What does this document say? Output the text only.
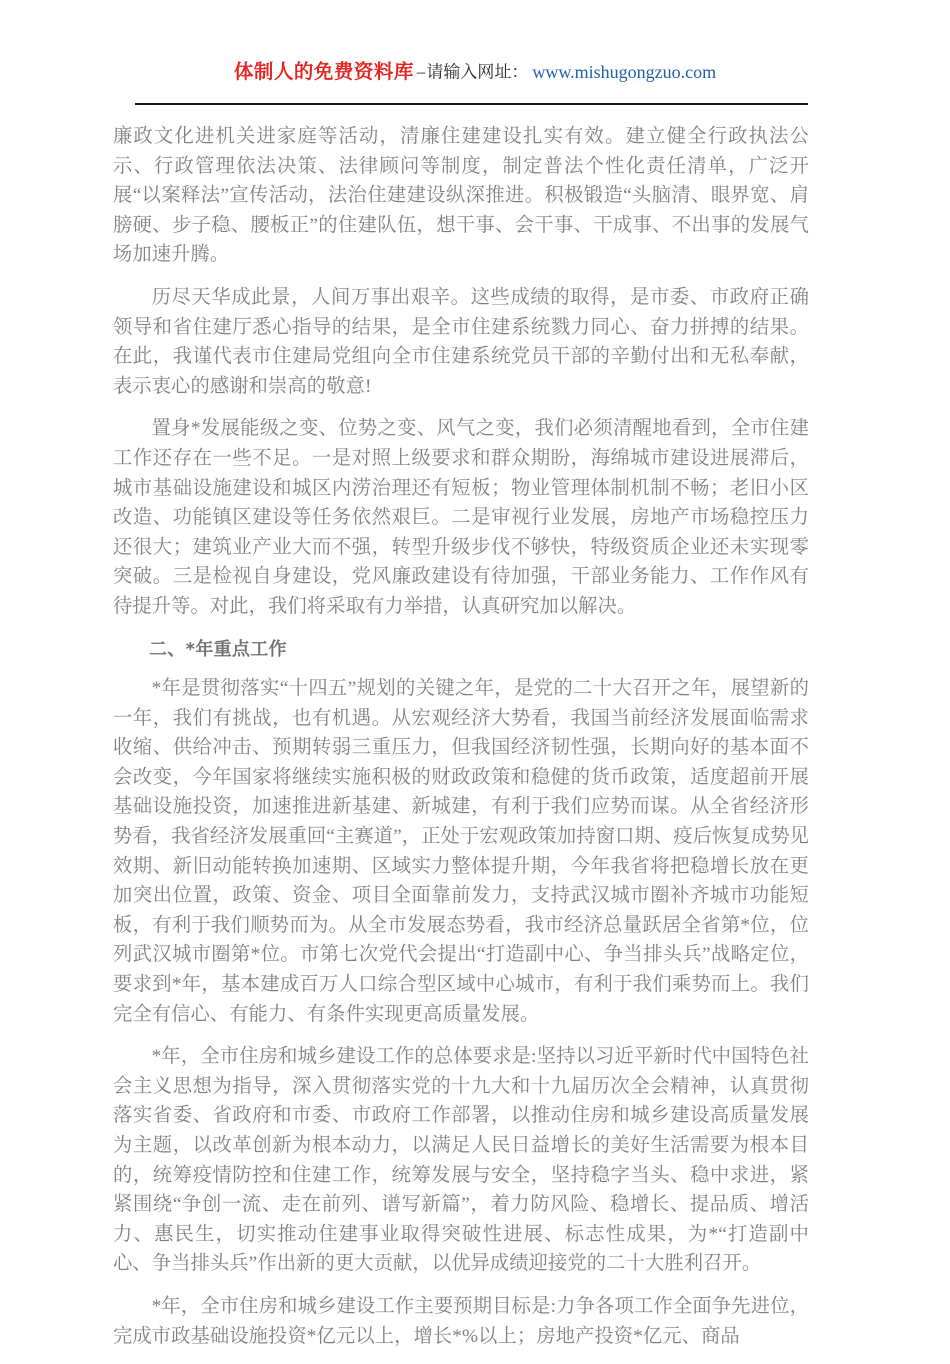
体制人的免费资料库 –请输入网址： www.mishugongzuo.com

廉政文化进机关进家庭等活动，清廉住建建设扎实有效。建立健全行政执法公示、行政管理依法决策、法律顾问等制度，制定普法个性化责任清单，广泛开展“以案释法”宣传活动，法治住建建设纵深推进。积极锻造“头脑清、眼界宽、肩膀硬、步子稳、腰板正”的住建队伍，想干事、会干事、干成事、不出事的发展气场加速升腾。

历尽天华成此景，人间万事出艰辛。这些成绩的取得，是市委、市政府正确领导和省住建厅悉心指导的结果，是全市住建系统戮力同心、奋力拼搏的结果。在此，我谨代表市住建局党组向全市住建系统党员干部的辛勤付出和无私奉献，表示衷心的感谢和崇高的敬意!

置身*发展能级之变、位势之变、风气之变，我们必须清醒地看到，全市住建工作还存在一些不足。一是对照上级要求和群众期盼，海绵城市建设进展滞后，城市基础设施建设和城区内涝治理还有短板；物业管理体制机制不畅；老旧小区改造、功能镇区建设等任务依然艰巨。二是审视行业发展，房地产市场稳控压力还很大；建筑业产业大而不强，转型升级步伐不够快，特级资质企业还未实现零突破。三是检视自身建设，党风廉政建设有待加强，干部业务能力、工作作风有待提升等。对此，我们将采取有力举措，认真研究加以解决。

二、*年重点工作

*年是贯彻落实“十四五”规划的关键之年，是党的二十大召开之年，展望新的一年，我们有挑战，也有机遇。从宏观经济大势看，我国当前经济发展面临需求收缩、供给冲击、预期转弱三重压力，但我国经济韧性强，长期向好的基本面不会改变，今年国家将继续实施积极的财政政策和稳健的货币政策，适度超前开展基础设施投资，加速推进新基建、新城建，有利于我们应势而谋。从全省经济形势看，我省经济发展重回“主赛道”，正处于宏观政策加持窗口期、疫后恢复成势见效期、新旧动能转换加速期、区域实力整体提升期，今年我省将把稳增长放在更加突出位置，政策、资金、项目全面靠前发力，支持武汉城市圈补齐城市功能短板，有利于我们顺势而为。从全市发展态势看，我市经济总量跃居全省第*位，位列武汉城市圈第*位。市第七次党代会提出“打造副中心、争当排头兵”战略定位，要求到*年，基本建成百万人口综合型区域中心城市，有利于我们乘势而上。我们完全有信心、有能力、有条件实现更高质量发展。

*年，全市住房和城乡建设工作的总体要求是:坚持以习近平新时代中国特色社会主义思想为指导，深入贯彻落实党的十九大和十九届历次全会精神，认真贯彻落实省委、省政府和市委、市政府工作部署，以推动住房和城乡建设高质量发展为主题，以改革创新为根本动力，以满足人民日益增长的美好生活需要为根本目的，统筹疫情防控和住建工作，统筹发展与安全，坚持稳字当头、稳中求进，紧紧围绕“争创一流、走在前列、谱写新篇”，着力防风险、稳增长、提品质、增活力、惠民生，切实推动住建事业取得突破性进展、标志性成果，为*“打造副中心、争当排头兵”作出新的更大贡献，以优异成绩迎接党的二十大胜利召开。

*年，全市住房和城乡建设工作主要预期目标是:力争各项工作全面争先进位，完成市政基础设施投资*亿元以上，增长*%以上；房地产投资*亿元、商品
